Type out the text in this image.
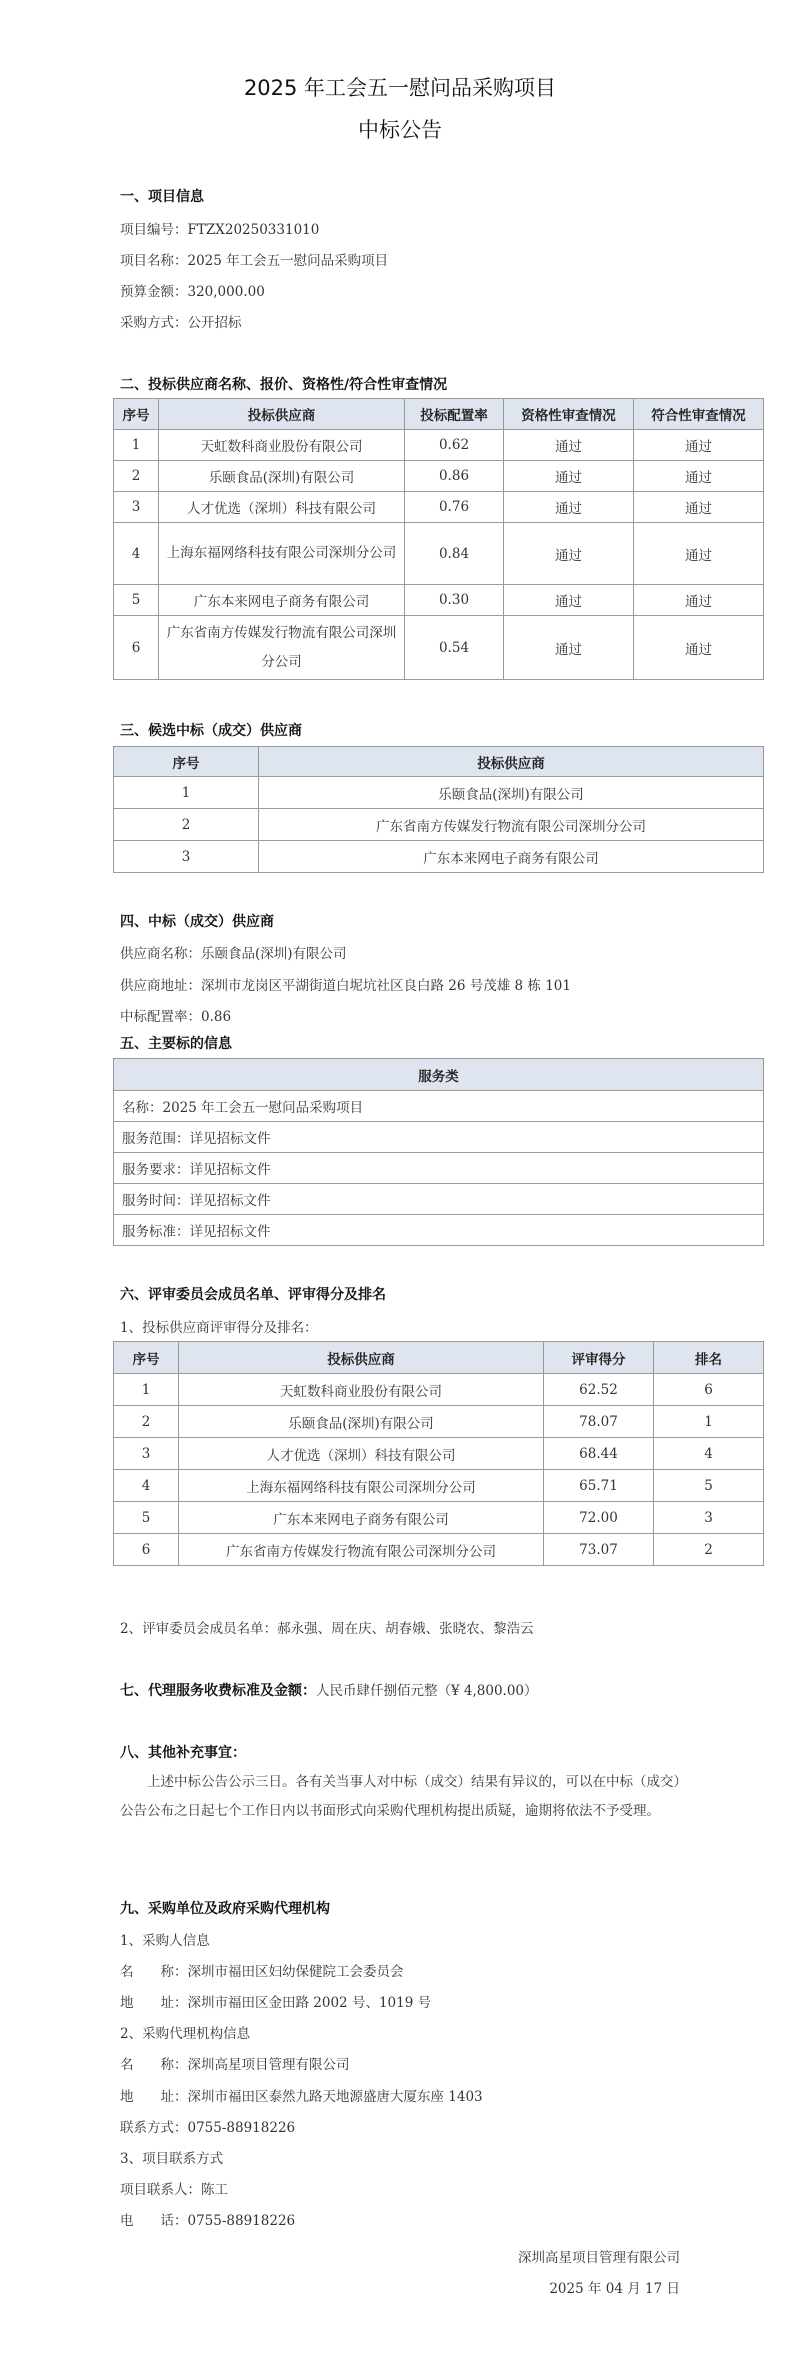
2025 年工会五一慰问品采购项目
中标公告
一、项目信息
项目编号：FTZX20250331010
项目名称：2025 年工会五一慰问品采购项目
预算金额：320,000.00
采购方式：公开招标
二、投标供应商名称、报价、资格性/符合性审查情况
序号	投标供应商	投标配置率	资格性审查情况	符合性审查情况
1	天虹数科商业股份有限公司	0.62	通过	通过
2	乐颐食品(深圳)有限公司	0.86	通过	通过
3	人才优选（深圳）科技有限公司	0.76	通过	通过
4	上海东福网络科技有限公司深圳分公司	0.84	通过	通过
5	广东本来网电子商务有限公司	0.30	通过	通过
6	广东省南方传媒发行物流有限公司深圳分公司	0.54	通过	通过
三、候选中标（成交）供应商
序号	投标供应商
1	乐颐食品(深圳)有限公司
2	广东省南方传媒发行物流有限公司深圳分公司
3	广东本来网电子商务有限公司
四、中标（成交）供应商
供应商名称：乐颐食品(深圳)有限公司
供应商地址：深圳市龙岗区平湖街道白坭坑社区良白路 26 号茂雄 8 栋 101
中标配置率：0.86
五、主要标的信息
服务类
名称：2025 年工会五一慰问品采购项目
服务范围：详见招标文件
服务要求：详见招标文件
服务时间：详见招标文件
服务标准：详见招标文件
六、评审委员会成员名单、评审得分及排名
1、投标供应商评审得分及排名：
序号	投标供应商	评审得分	排名
1	天虹数科商业股份有限公司	62.52	6
2	乐颐食品(深圳)有限公司	78.07	1
3	人才优选（深圳）科技有限公司	68.44	4
4	上海东福网络科技有限公司深圳分公司	65.71	5
5	广东本来网电子商务有限公司	72.00	3
6	广东省南方传媒发行物流有限公司深圳分公司	73.07	2
2、评审委员会成员名单：郝永强、周在庆、胡春娥、张晓农、黎浩云
七、代理服务收费标准及金额：人民币肆仟捌佰元整（¥ 4,800.00）
八、其他补充事宜：
上述中标公告公示三日。各有关当事人对中标（成交）结果有异议的，可以在中标（成交）公告公布之日起七个工作日内以书面形式向采购代理机构提出质疑，逾期将依法不予受理。
九、采购单位及政府采购代理机构
1、采购人信息
名　　称：深圳市福田区妇幼保健院工会委员会
地　　址：深圳市福田区金田路 2002 号、1019 号
2、采购代理机构信息
名　　称：深圳高星项目管理有限公司
地　　址：深圳市福田区泰然九路天地源盛唐大厦东座 1403
联系方式：0755-88918226
3、项目联系方式
项目联系人：陈工
电　　话：0755-88918226
深圳高星项目管理有限公司
2025 年 04 月 17 日
